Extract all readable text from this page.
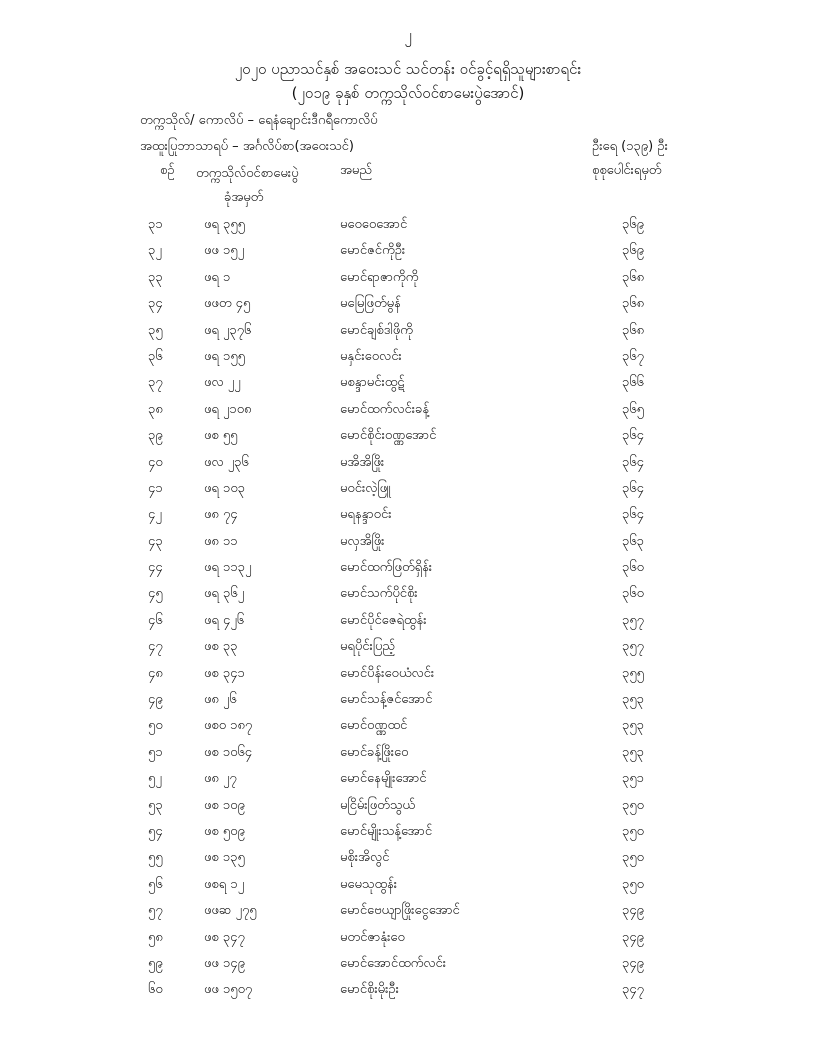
၂
၂၀၂၀ ပညာသင်နှစ် အဝေးသင် သင်တန်း ဝင်ခွင့်ရရှိသူများစာရင်း
(၂၀၁၉ ခုနှစ် တက္ကသိုလ်ဝင်စာမေးပွဲအောင်)
တက္ကသိုလ်/ ကောလိပ် – ရေနံချောင်းဒီဂရီကောလိပ်
အထူးပြုဘာသာရပ် – အင်္ဂလိပ်စာ(အဝေးသင်)	ဦးရေ (၁၃၉) ဦး
စဉ် တက္ကသိုလ်ဝင်စာမေးပွဲ
ခုံအမှတ်
အမည်	စုစုပေါင်းရမှတ်
၃၁	ဖရ ၃၅၅	မဝေဝေအောင်	၃၆၉
၃၂	ဖဖ ၁၅၂	မောင်ဇင်ကိုဦး	၃၆၉
၃၃	ဖရ ၁	မောင်ရာဇာကိုကို	၃၆၈
၃၄	ဖဖတ ၄၅	မမြေဖြတ်မွန်	၃၆၈
၃၅	ဖရ ၂၃၇၆	မောင်ချစ်ဒါဖိုကို	၃၆၈
၃၆	ဖရ ၁၅၅	မနှင်းဝေလင်း	၃၆၇
၃၇	ဖလ ၂၂	မစန္ဒာမင်းထွဋ်	၃၆၆
၃၈	ဖရ ၂၁၀၈	မောင်ထက်လင်းခန့်	၃၆၅
၃၉	ဖစ ၅၅	မောင်စိုင်းဝဏ္ဏအောင်	၃၆၄
၄၀	ဖလ ၂၃၆	မအိအိဖြိုး	၃၆၄
၄၁	ဖရ ၁၀၃	မဝင်းလဲ့ဖြူ	၃၆၄
၄၂	ဖ၈ ၇၄	မရနန္ဒာဝင်း	၃၆၄
၄၃	ဖ၈ ၁၁	မလှအိဖြိုး	၃၆၃
၄၄	ဖရ ၁၁၃၂	မောင်ထက်ဖြတ်ရှိန်း	၃၆၀
၄၅	ဖရ ၃၆၂	မောင်သက်ပိုင်စိုး	၃၆၀
၄၆	ဖရ ၄၂၆	မောင်ပိုင်ဇေရဲထွန်း	၃၅၇
၄၇	ဖစ ၃၃	မရပိုင်းပြည့်	၃၅၇
၄၈	ဖစ ၃၄၁	မောင်ပိန်းဝေယံလင်း	၃၅၅
၄၉	ဖ၈ ၂၆	မောင်သန့်ဇင်အောင်	၃၅၃
၅၀	ဖစ၀ ၁၈၇	မောင်ဝဏ္ဏထင်	၃၅၃
၅၁	ဖစ ၁၀၆၄	မောင်ခန့်ဖြိုးဝေ	၃၅၃
၅၂	ဖ၈ ၂၇	မောင်နေမျိုးအောင်	၃၅၁
၅၃	ဖစ ၁၀၉	မငြိမ်းဖြတ်သွယ်	၃၅၀
၅၄	ဖစ ၅၀၉	မောင်မျိုးသန့်အောင်	၃၅၀
၅၅	ဖစ ၁၃၅	မစိုးအိလွင်	၃၅၀
၅၆	ဖစရ ၁၂	မမေသုထွန်း	၃၅၀
၅၇	ဖဖဆ ၂၇၅	မောင်ဗေယျာဖြိုးငွေအောင်	၃၄၉
၅၈	ဖစ ၃၄၇	မတင်ဇာနုံးဝေ	၃၄၉
၅၉	ဖဖ ၁၄၉	မောင်အောင်ထက်လင်း	၃၄၉
၆၀	ဖဖ ၁၅၀၇	မောင်စိုးမိုးဦး	၃၄၇
